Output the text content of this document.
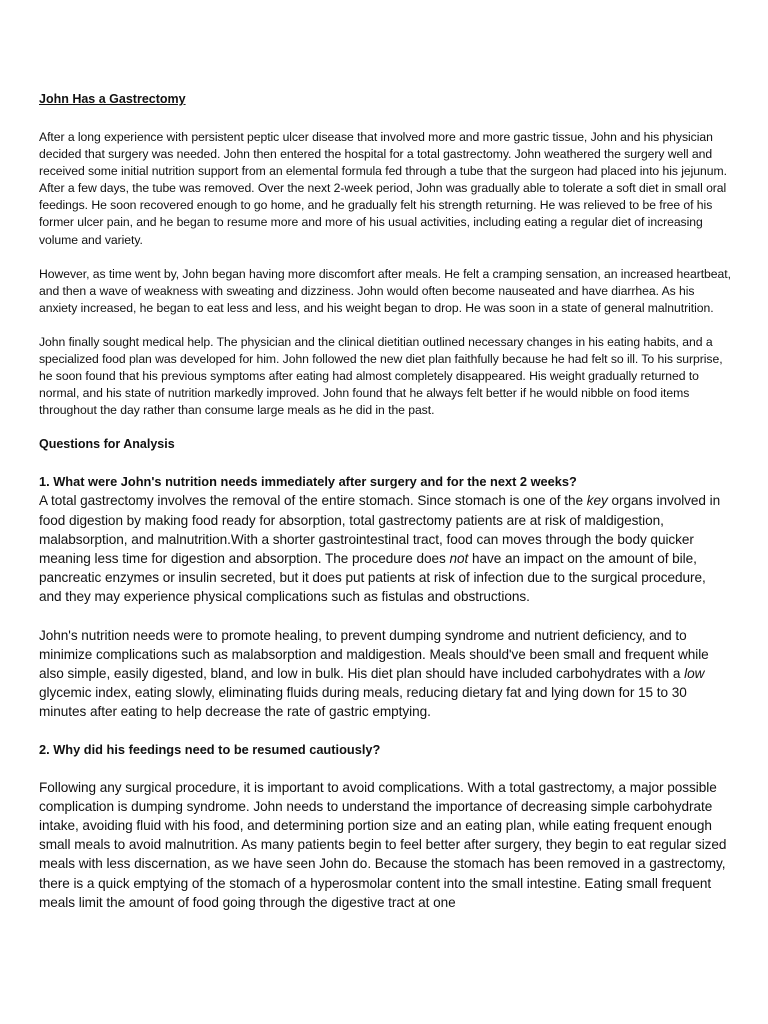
John Has a Gastrectomy

After a long experience with persistent peptic ulcer disease that involved more and more gastric tissue, John and his physician decided that surgery was needed. John then entered the hospital for a total gastrectomy. John weathered the surgery well and received some initial nutrition support from an elemental formula fed through a tube that the surgeon had placed into his jejunum. After a few days, the tube was removed. Over the next 2-week period, John was gradually able to tolerate a soft diet in small oral feedings. He soon recovered enough to go home, and he gradually felt his strength returning. He was relieved to be free of his former ulcer pain, and he began to resume more and more of his usual activities, including eating a regular diet of increasing volume and variety.

However, as time went by, John began having more discomfort after meals. He felt a cramping sensation, an increased heartbeat, and then a wave of weakness with sweating and dizziness. John would often become nauseated and have diarrhea. As his anxiety increased, he began to eat less and less, and his weight began to drop. He was soon in a state of general malnutrition.

John finally sought medical help. The physician and the clinical dietitian outlined necessary changes in his eating habits, and a specialized food plan was developed for him. John followed the new diet plan faithfully because he had felt so ill. To his surprise, he soon found that his previous symptoms after eating had almost completely disappeared. His weight gradually returned to normal, and his state of nutrition markedly improved. John found that he always felt better if he would nibble on food items throughout the day rather than consume large meals as he did in the past.

Questions for Analysis
1. What were John's nutrition needs immediately after surgery and for the next 2 weeks?

A total gastrectomy involves the removal of the entire stomach. Since stomach is one of the key organs involved in food digestion by making food ready for absorption, total gastrectomy patients are at risk of maldigestion, malabsorption, and malnutrition.With a shorter gastrointestinal tract, food can moves through the body quicker meaning less time for digestion and absorption. The procedure does not have an impact on the amount of bile, pancreatic enzymes or insulin secreted, but it does put patients at risk of infection due to the surgical procedure, and they may experience physical complications such as fistulas and obstructions.

John's nutrition needs were to promote healing, to prevent dumping syndrome and nutrient deficiency, and to minimize complications such as malabsorption and maldigestion. Meals should've been small and frequent while also simple, easily digested, bland, and low in bulk. His diet plan should have included carbohydrates with a low glycemic index, eating slowly, eliminating fluids during meals, reducing dietary fat and lying down for 15 to 30 minutes after eating to help decrease the rate of gastric emptying.

2. Why did his feedings need to be resumed cautiously?

Following any surgical procedure, it is important to avoid complications. With a total gastrectomy, a major possible complication is dumping syndrome. John needs to understand the importance of decreasing simple carbohydrate intake, avoiding fluid with his food, and determining portion size and an eating plan, while eating frequent enough small meals to avoid malnutrition. As many patients begin to feel better after surgery, they begin to eat regular sized meals with less discernation, as we have seen John do. Because the stomach has been removed in a gastrectomy, there is a quick emptying of the stomach of a hyperosmolar content into the small intestine. Eating small frequent meals limit the amount of food going through the digestive tract at one
